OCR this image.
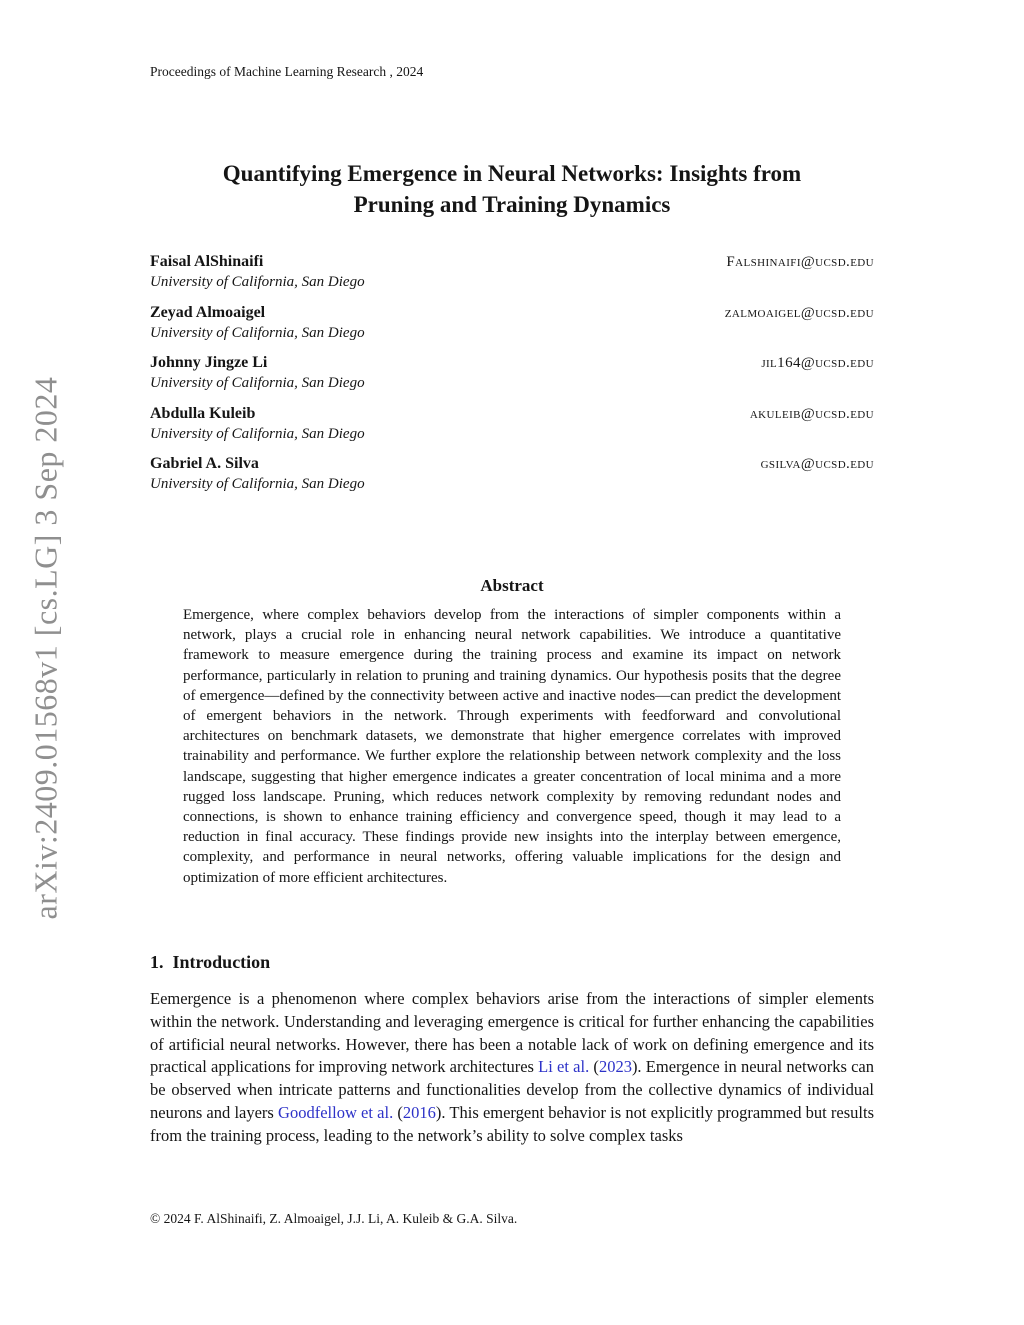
arXiv:2409.01568v1 [cs.LG] 3 Sep 2024
Proceedings of Machine Learning Research , 2024
Quantifying Emergence in Neural Networks: Insights from
Pruning and Training Dynamics
Faisal AlShinaifi	Falshinaifi@ucsd.edu
University of California, San Diego
Zeyad Almoaigel	zalmoaigel@ucsd.edu
University of California, San Diego
Johnny Jingze Li	jil164@ucsd.edu
University of California, San Diego
Abdulla Kuleib	akuleib@ucsd.edu
University of California, San Diego
Gabriel A. Silva	gsilva@ucsd.edu
University of California, San Diego
Abstract

Emergence, where complex behaviors develop from the interactions of simpler components within a network, plays a crucial role in enhancing neural network capabilities. We introduce a quantitative framework to measure emergence during the training process and examine its impact on network performance, particularly in relation to pruning and training dynamics. Our hypothesis posits that the degree of emergence—defined by the connectivity between active and inactive nodes—can predict the development of emergent behaviors in the network. Through experiments with feedforward and convolutional architectures on benchmark datasets, we demonstrate that higher emergence correlates with improved trainability and performance. We further explore the relationship between network complexity and the loss landscape, suggesting that higher emergence indicates a greater concentration of local minima and a more rugged loss landscape. Pruning, which reduces network complexity by removing redundant nodes and connections, is shown to enhance training efficiency and convergence speed, though it may lead to a reduction in final accuracy. These findings provide new insights into the interplay between emergence, complexity, and performance in neural networks, offering valuable implications for the design and optimization of more efficient architectures.

1.  Introduction

Eemergence is a phenomenon where complex behaviors arise from the interactions of simpler elements within the network. Understanding and leveraging emergence is critical for further enhancing the capabilities of artificial neural networks. However, there has been a notable lack of work on defining emergence and its practical applications for improving network architectures Li et al. (2023). Emergence in neural networks can be observed when intricate patterns and functionalities develop from the collective dynamics of individual neurons and layers Goodfellow et al. (2016). This emergent behavior is not explicitly programmed but results from the training process, leading to the network’s ability to solve complex tasks

© 2024 F. AlShinaifi, Z. Almoaigel, J.J. Li, A. Kuleib & G.A. Silva.
